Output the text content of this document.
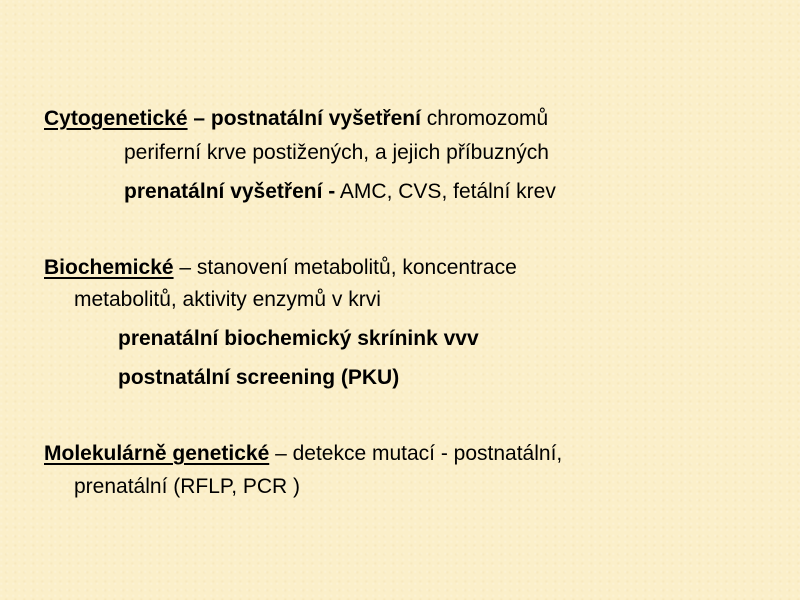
Cytogenetické – postnatální vyšetření chromozomů
periferní krve postižených, a jejich příbuzných
prenatální vyšetření - AMC, CVS, fetální krev
Biochemické – stanovení metabolitů, koncentrace
metabolitů, aktivity enzymů v krvi
prenatální biochemický skrínink vvv
postnatální screening (PKU)
Molekulárně genetické – detekce mutací - postnatální,
prenatální (RFLP, PCR )
